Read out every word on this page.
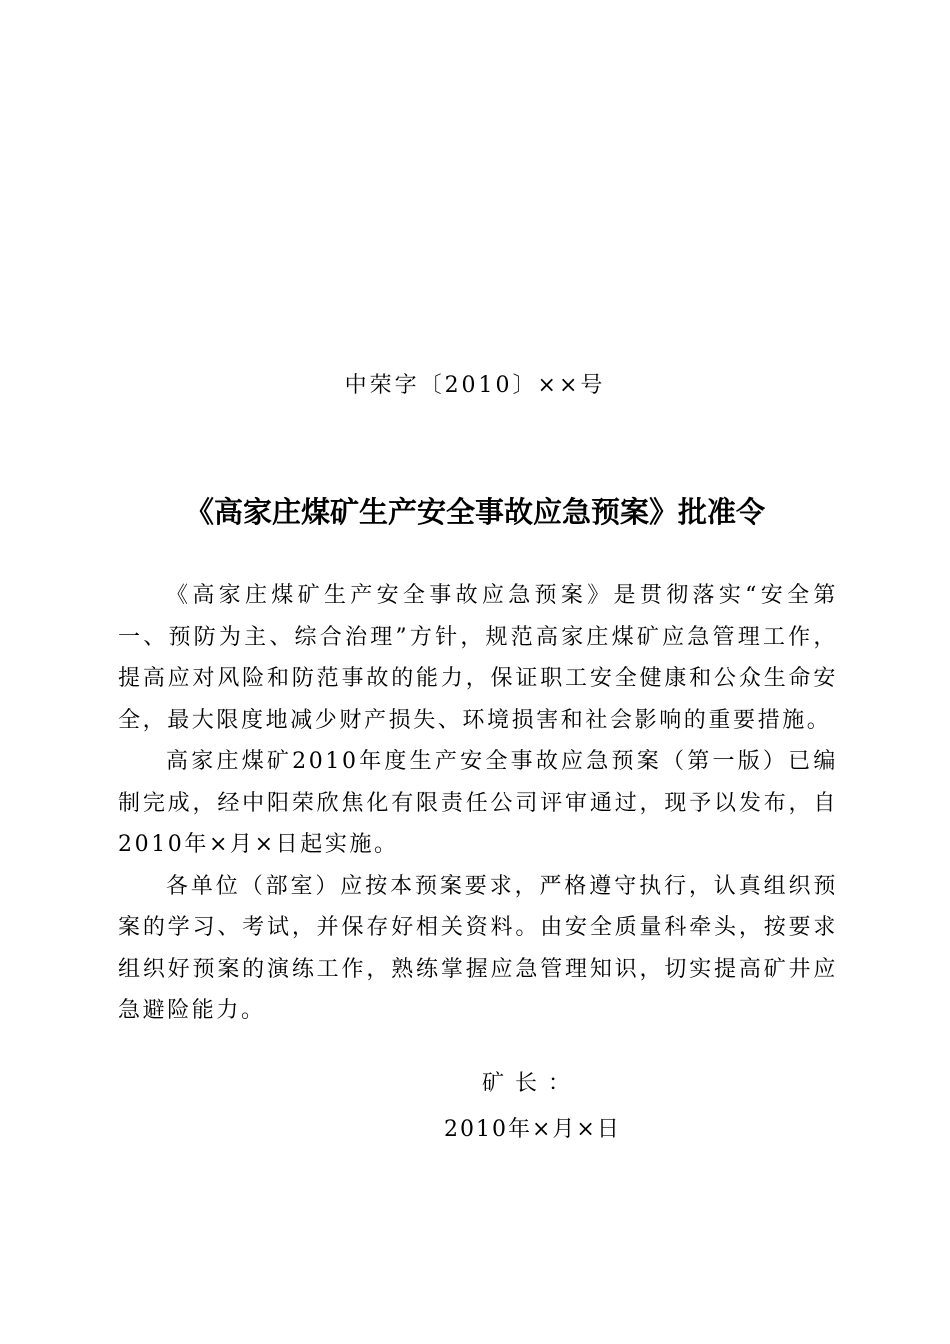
中荣字〔2010〕××号
《高家庄煤矿生产安全事故应急预案》批准令

《高家庄煤矿生产安全事故应急预案》是贯彻落实“安全第一、预防为主、综合治理”方针，规范高家庄煤矿应急管理工作，提高应对风险和防范事故的能力，保证职工安全健康和公众生命安全，最大限度地减少财产损失、环境损害和社会影响的重要措施。

高家庄煤矿2010年度生产安全事故应急预案（第一版）已编制完成，经中阳荣欣焦化有限责任公司评审通过，现予以发布，自2010年×月×日起实施。

各单位（部室）应按本预案要求，严格遵守执行，认真组织预案的学习、考试，并保存好相关资料。由安全质量科牵头，按要求组织好预案的演练工作，熟练掌握应急管理知识，切实提高矿井应急避险能力。

矿 长 ：
2010年×月×日
